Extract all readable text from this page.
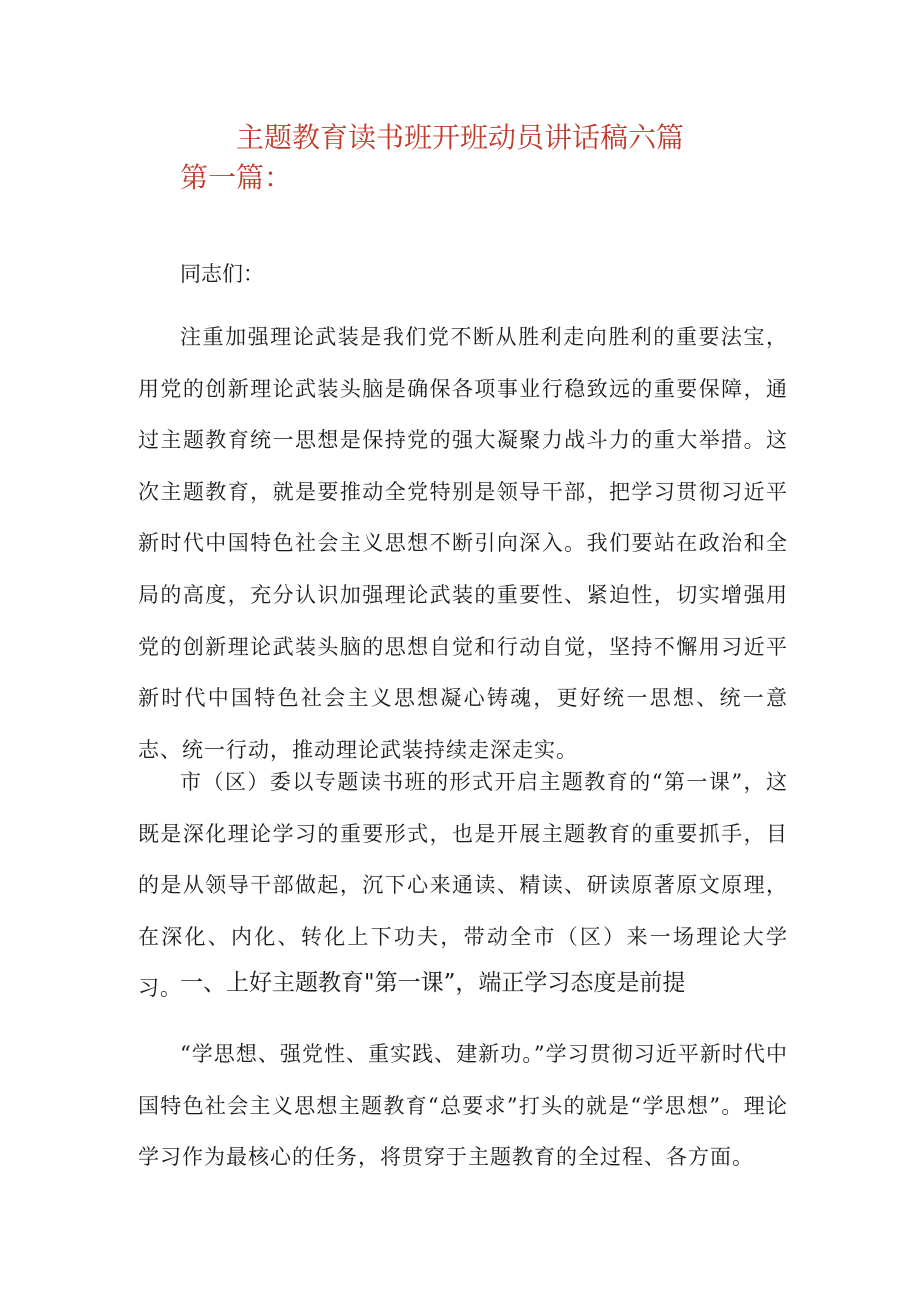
主题教育读书班开班动员讲话稿六篇
第一篇：

同志们：

注重加强理论武装是我们党不断从胜利走向胜利的重要法宝，用党的创新理论武装头脑是确保各项事业行稳致远的重要保障，通过主题教育统一思想是保持党的强大凝聚力战斗力的重大举措。这次主题教育，就是要推动全党特别是领导干部，把学习贯彻习近平新时代中国特色社会主义思想不断引向深入。我们要站在政治和全局的高度，充分认识加强理论武装的重要性、紧迫性，切实增强用党的创新理论武装头脑的思想自觉和行动自觉，坚持不懈用习近平新时代中国特色社会主义思想凝心铸魂，更好统一思想、统一意志、统一行动，推动理论武装持续走深走实。

市（区）委以专题读书班的形式开启主题教育的“第一课”，这既是深化理论学习的重要形式，也是开展主题教育的重要抓手，目的是从领导干部做起，沉下心来通读、精读、研读原著原文原理，在深化、内化、转化上下功夫，带动全市（区）来一场理论大学习。

一、上好主题教育"第一课”，端正学习态度是前提

“学思想、强党性、重实践、建新功。”学习贯彻习近平新时代中国特色社会主义思想主题教育“总要求”打头的就是“学思想”。理论学习作为最核心的任务，将贯穿于主题教育的全过程、各方面。
